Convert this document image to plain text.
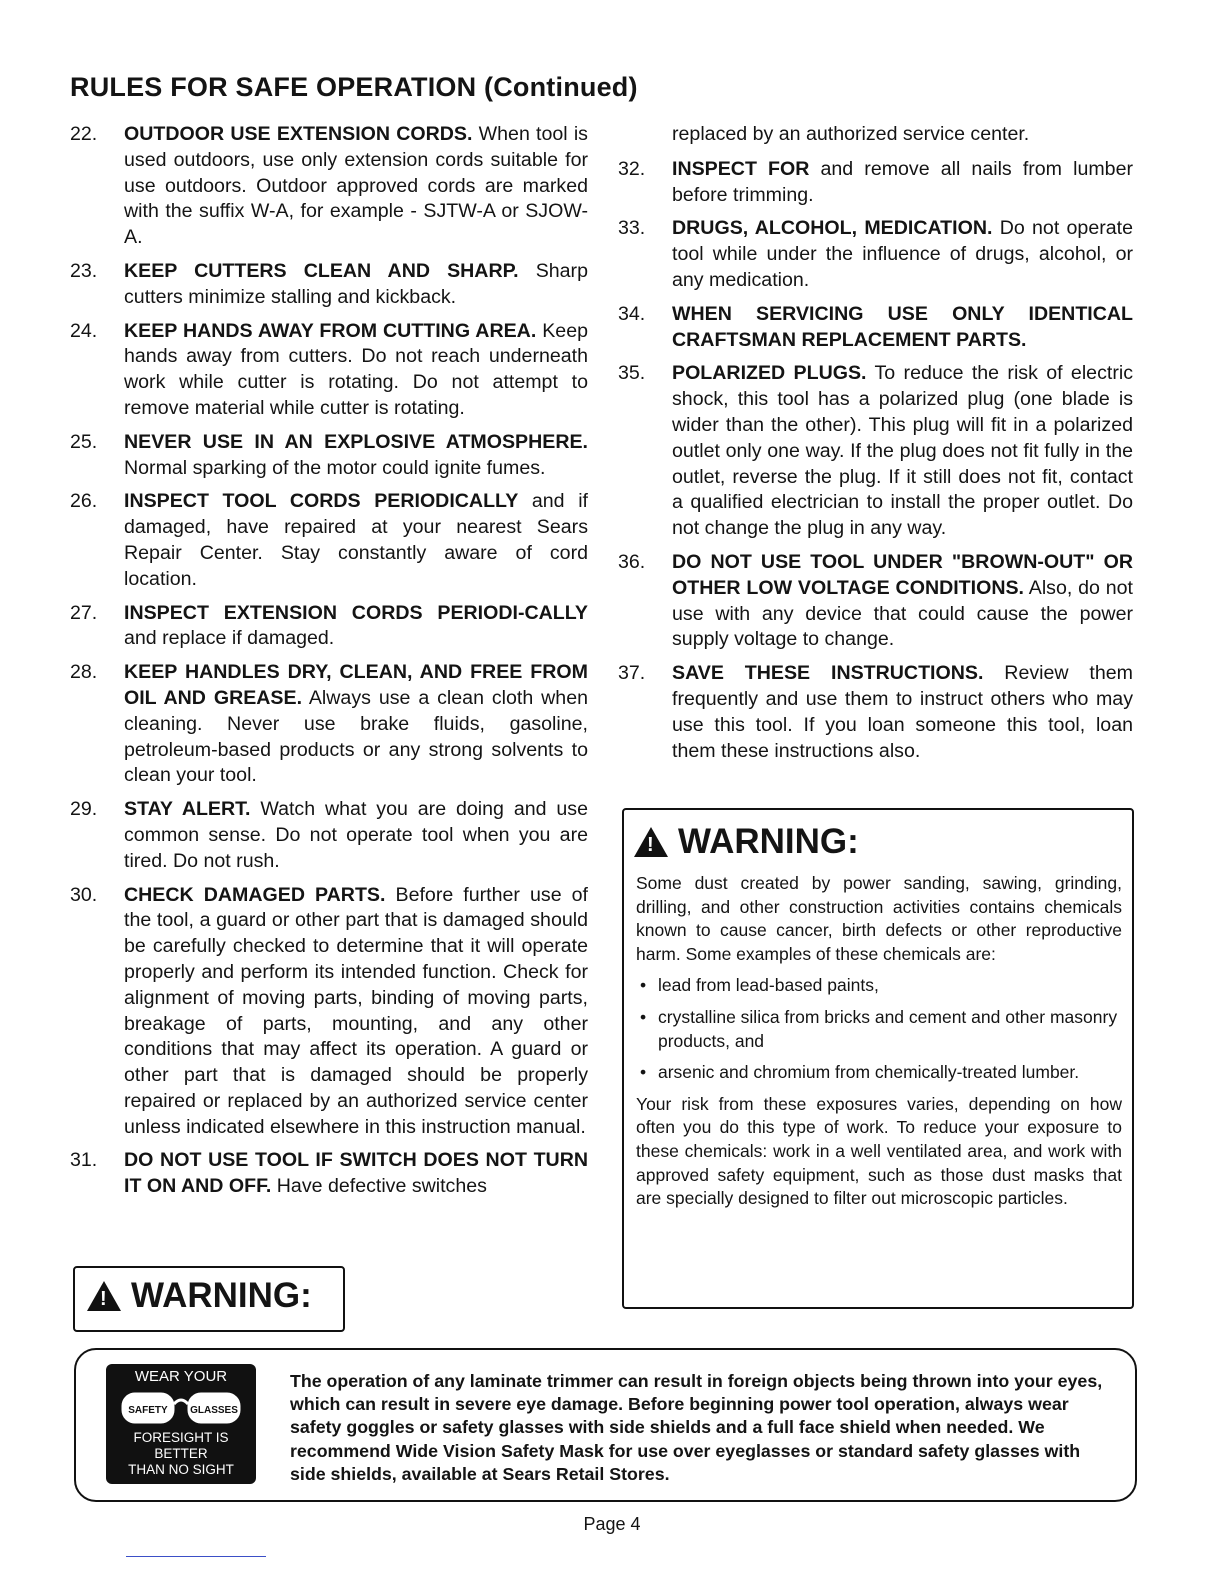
RULES FOR SAFE OPERATION (Continued)
22.	OUTDOOR USE EXTENSION CORDS. When tool is used outdoors, use only extension cords suitable for use outdoors. Outdoor approved cords are marked with the suffix W-A, for example - SJTW-A or SJOW-A.
23.	KEEP CUTTERS CLEAN AND SHARP. Sharp cutters minimize stalling and kickback.
24.	KEEP HANDS AWAY FROM CUTTING AREA. Keep hands away from cutters. Do not reach underneath work while cutter is rotating. Do not attempt to remove material while cutter is rotating.
25.	NEVER USE IN AN EXPLOSIVE ATMOSPHERE. Normal sparking of the motor could ignite fumes.
26.	INSPECT TOOL CORDS PERIODICALLY and if damaged, have repaired at your nearest Sears Repair Center. Stay constantly aware of cord location.
27.	INSPECT EXTENSION CORDS PERIODI-CALLY and replace if damaged.
28.	KEEP HANDLES DRY, CLEAN, AND FREE FROM OIL AND GREASE. Always use a clean cloth when cleaning. Never use brake fluids, gasoline, petroleum-based products or any strong solvents to clean your tool.
29.	STAY ALERT. Watch what you are doing and use common sense. Do not operate tool when you are tired. Do not rush.
30.	CHECK DAMAGED PARTS. Before further use of the tool, a guard or other part that is damaged should be carefully checked to determine that it will operate properly and perform its intended function. Check for alignment of moving parts, binding of moving parts, breakage of parts, mounting, and any other conditions that may affect its operation. A guard or other part that is damaged should be properly repaired or replaced by an authorized service center unless indicated elsewhere in this instruction manual.
31.	DO NOT USE TOOL IF SWITCH DOES NOT TURN IT ON AND OFF. Have defective switches
replaced by an authorized service center.
32.	INSPECT FOR and remove all nails from lumber before trimming.
33.	DRUGS, ALCOHOL, MEDICATION. Do not operate tool while under the influence of drugs, alcohol, or any medication.
34.	WHEN SERVICING USE ONLY IDENTICAL CRAFTSMAN REPLACEMENT PARTS.
35.	POLARIZED PLUGS. To reduce the risk of electric shock, this tool has a polarized plug (one blade is wider than the other). This plug will fit in a polarized outlet only one way. If the plug does not fit fully in the outlet, reverse the plug. If it still does not fit, contact a qualified electrician to install the proper outlet. Do not change the plug in any way.
36.	DO NOT USE TOOL UNDER "BROWN-OUT" OR OTHER LOW VOLTAGE CONDITIONS. Also, do not use with any device that could cause the power supply voltage to change.
37.	SAVE THESE INSTRUCTIONS. Review them frequently and use them to instruct others who may use this tool. If you loan someone this tool, loan them these instructions also.
!
WARNING:
Some dust created by power sanding, sawing, grinding, drilling, and other construction activities contains chemicals known to cause cancer, birth defects or other reproductive harm. Some examples of these chemicals are:
• lead from lead-based paints,
• crystalline silica from bricks and cement and other masonry products, and
• arsenic and chromium from chemically-treated lumber.
Your risk from these exposures varies, depending on how often you do this type of work. To reduce your exposure to these chemicals: work in a well ventilated area, and work with approved safety equipment, such as those dust masks that are specially designed to filter out microscopic particles.
!
WARNING:
WEAR YOUR
SAFETY GLASSES
FORESIGHT IS BETTER
THAN NO SIGHT
The operation of any laminate trimmer can result in foreign objects being thrown into your eyes, which can result in severe eye damage. Before beginning power tool operation, always wear safety goggles or safety glasses with side shields and a full face shield when needed. We recommend Wide Vision Safety Mask for use over eyeglasses or standard safety glasses with side shields, available at Sears Retail Stores.
Page 4
